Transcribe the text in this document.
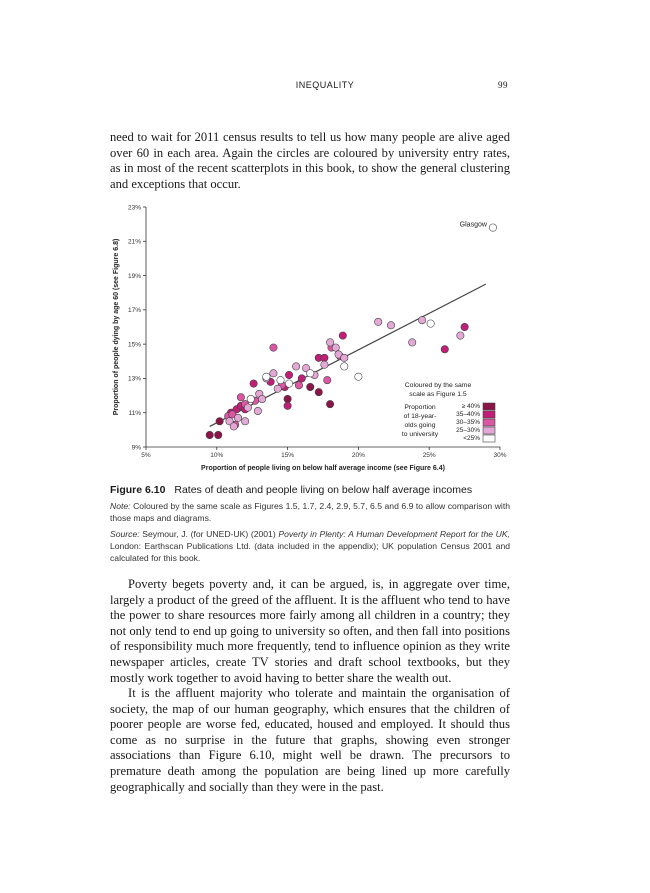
INEQUALITY	99

need to wait for 2011 census results to tell us how many people are alive aged over 60 in each area. Again the circles are coloured by university entry rates, as in most of the recent scatterplots in this book, to show the general clustering and exceptions that occur.

5%	10%	15%	20%	25%	30%
9%
11%
13%
15%
17%
19%
21%
23%
Glasgow
Proportion of people living on below half average income (see Figure 6.4)
Proportion of people dying by age 60 (see Figure 6.8)	Coloured by the same
scale as Figure 1.5
Proportion
of 18-year-
olds going
to university
≥ 40%
35–40%
30–35%
25–30%
<25%
Figure 6.10 Rates of death and people living on below half average incomes

Note: Coloured by the same scale as Figures 1.5, 1.7, 2.4, 2.9, 5.7, 6.5 and 6.9 to allow comparison with those maps and diagrams.

Source: Seymour, J. (for UNED-UK) (2001) Poverty in Plenty: A Human Development Report for the UK, London: Earthscan Publications Ltd. (data included in the appendix); UK population Census 2001 and calculated for this book.

Poverty begets poverty and, it can be argued, is, in aggregate over time, largely a product of the greed of the affluent. It is the affluent who tend to have the power to share resources more fairly among all children in a country; they not only tend to end up going to university so often, and then fall into positions of responsibility much more frequently, tend to influence opinion as they write newspaper articles, create TV stories and draft school textbooks, but they mostly work together to avoid having to better share the wealth out.

It is the affluent majority who tolerate and maintain the organisation of society, the map of our human geography, which ensures that the children of poorer people are worse fed, educated, housed and employed. It should thus come as no surprise in the future that graphs, showing even stronger associations than Figure 6.10, might well be drawn. The precursors to premature death among the population are being lined up more carefully geographically and socially than they were in the past.
